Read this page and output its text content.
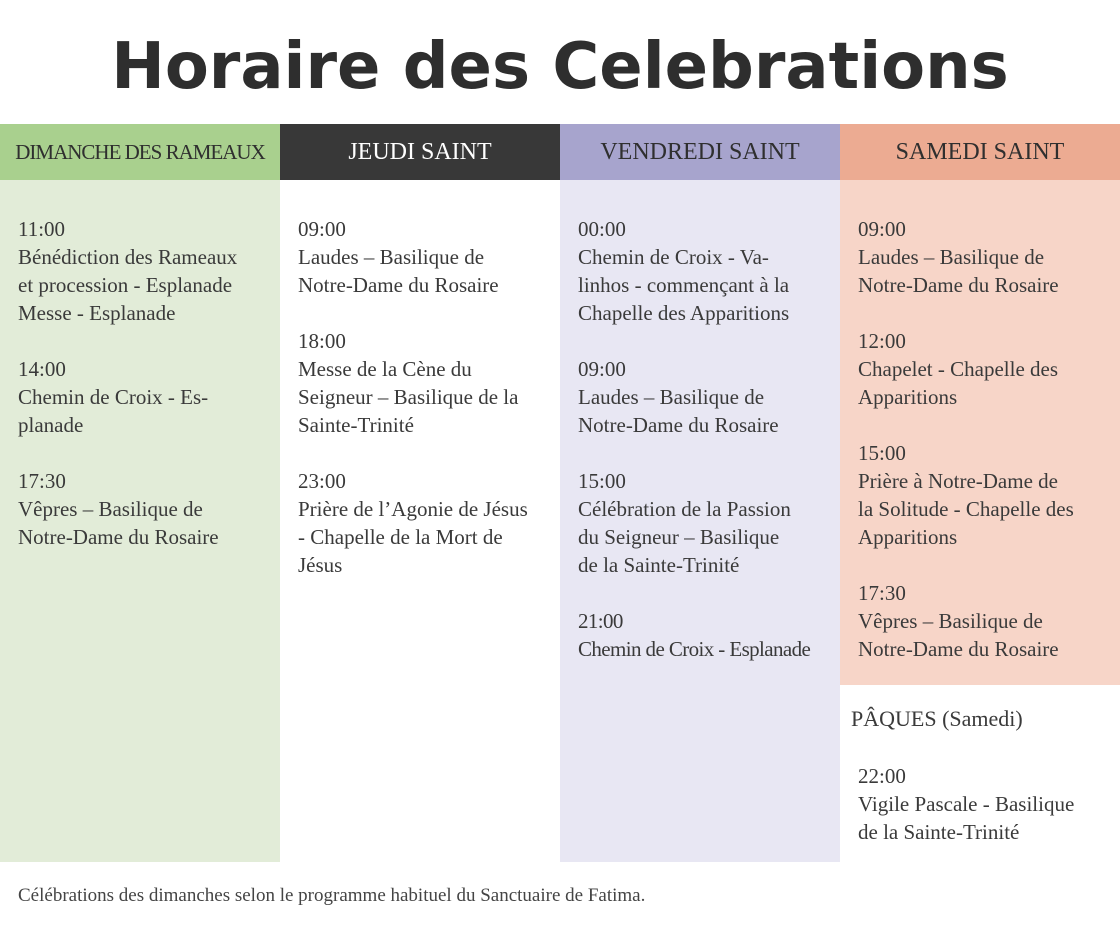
Horaire des Celebrations
DIMANCHE DES RAMEAUX
11:00
Bénédiction des Rameaux
et procession - Esplanade
Messe - Esplanade
14:00
Chemin de Croix - Es-
planade
17:30
Vêpres – Basilique de
Notre-Dame du Rosaire
JEUDI SAINT
09:00
Laudes – Basilique de
Notre-Dame du Rosaire
18:00
Messe de la Cène du
Seigneur – Basilique de la
Sainte-Trinité
23:00
Prière de l’Agonie de Jésus
- Chapelle de la Mort de
Jésus
VENDREDI SAINT
00:00
Chemin de Croix - Va-
linhos - commençant à la
Chapelle des Apparitions
09:00
Laudes – Basilique de
Notre-Dame du Rosaire
15:00
Célébration de la Passion
du Seigneur – Basilique
de la Sainte-Trinité
21:00
Chemin de Croix - Esplanade
SAMEDI SAINT
09:00
Laudes – Basilique de
Notre-Dame du Rosaire
12:00
Chapelet - Chapelle des
Apparitions
15:00
Prière à Notre-Dame de
la Solitude - Chapelle des
Apparitions
17:30
Vêpres – Basilique de
Notre-Dame du Rosaire
PÂQUES (Samedi)
22:00
Vigile Pascale - Basilique
de la Sainte-Trinité
Célébrations des dimanches selon le programme habituel du Sanctuaire de Fatima.
